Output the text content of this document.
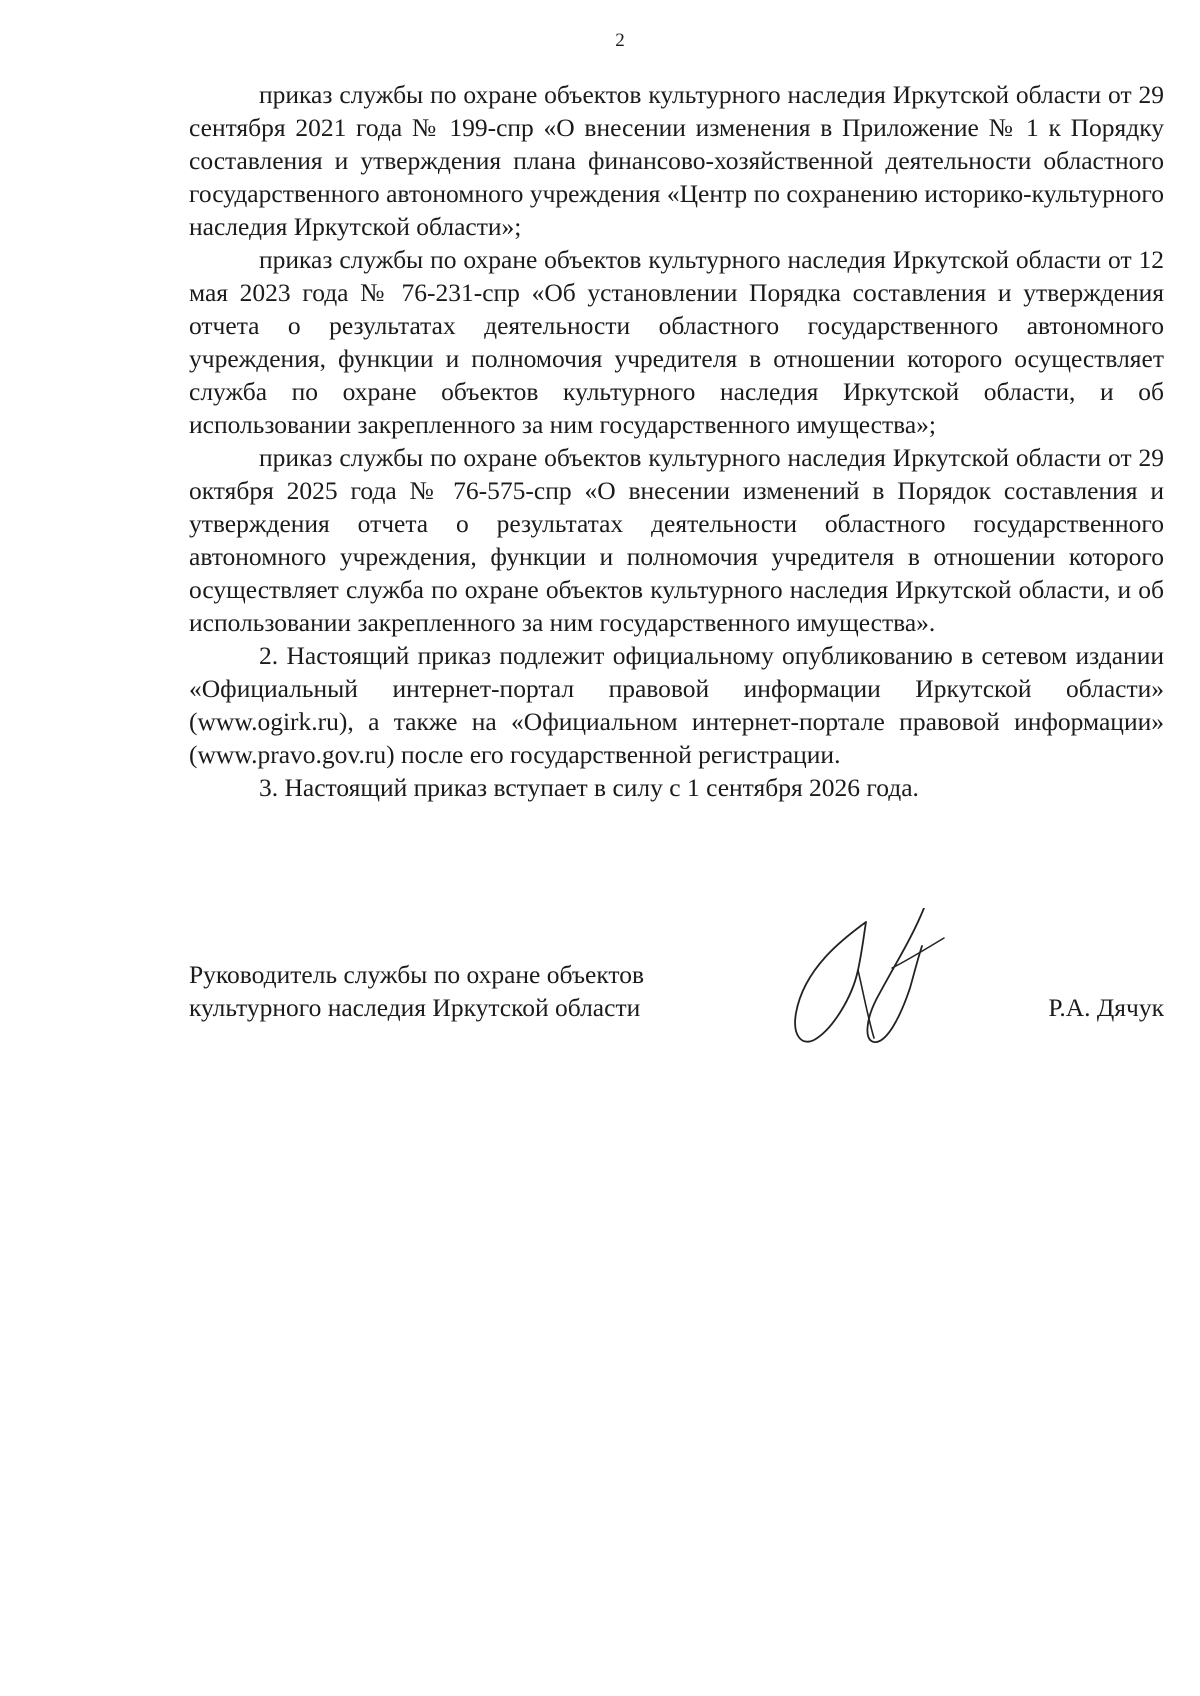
2

приказ службы по охране объектов культурного наследия Иркутской области от 29 сентября 2021 года № 199-спр «О внесении изменения в Приложение № 1 к Порядку составления и утверждения плана финансово-хозяйственной деятельности областного государственного автономного учреждения «Центр по сохранению историко-культурного наследия Иркутской области»;

приказ службы по охране объектов культурного наследия Иркутской области от 12 мая 2023 года № 76-231-спр «Об установлении Порядка составления и утверждения отчета о результатах деятельности областного государственного автономного учреждения, функции и полномочия учредителя в отношении которого осуществляет служба по охране объектов культурного наследия Иркутской области, и об использовании закрепленного за ним государственного имущества»;

приказ службы по охране объектов культурного наследия Иркутской области от 29 октября 2025 года № 76-575-спр «О внесении изменений в Порядок составления и утверждения отчета о результатах деятельности областного государственного автономного учреждения, функции и полномочия учредителя в отношении которого осуществляет служба по охране объектов культурного наследия Иркутской области, и об использовании закрепленного за ним государственного имущества».

2. Настоящий приказ подлежит официальному опубликованию в сетевом издании «Официальный интернет-портал правовой информации Иркутской области» (www.ogirk.ru), а также на «Официальном интернет-портале правовой информации» (www.pravo.gov.ru) после его государственной регистрации.

3. Настоящий приказ вступает в силу с 1 сентября 2026 года.

Руководитель службы по охране объектов
культурного наследия Иркутской области	Р.А. Дячук
